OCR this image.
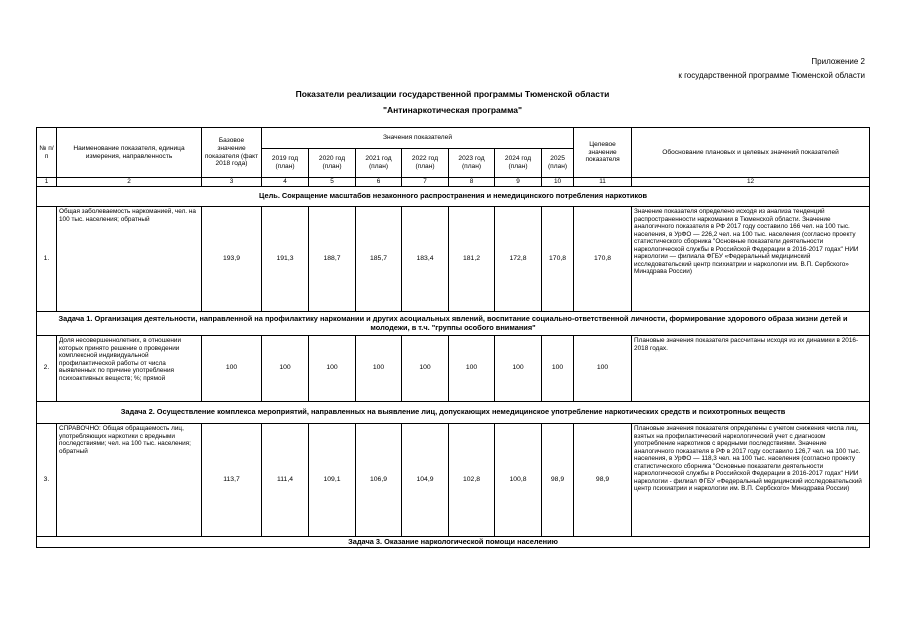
Приложение 2
к государственной программе Тюменской области
Показатели реализации государственной программы Тюменской области
"Антинаркотическая программа"
№ п/п	Наименование показателя, единица измерения, направленность	Базовое значение показателя (факт 2018 года)	Значения показателей							Целевое значение показателя	Обоснование плановых и целевых значений показателей
			2019 год (план)	2020 год (план)	2021 год (план)	2022 год (план)	2023 год (план)	2024 год (план)	2025 (план)		
1	2	3	4	5	6	7	8	9	10	11	12
Цель. Сокращение масштабов незаконного распространения и немедицинского потребления наркотиков											
1.	Общая заболеваемость наркоманией, чел. на 100 тыс. населения; обратный	193,9	191,3	188,7	185,7	183,4	181,2	172,8	170,8	170,8	Значение показателя определено исходя из анализа тенденций распространенности наркомании в Тюменской области. Значение аналогичного показателя в РФ 2017 году составило 166 чел. на 100 тыс. населения, в УрФО — 226,2 чел. на 100 тыс. населения (согласно проекту статистического сборника "Основные показатели деятельности наркологической службы в Российской Федерации в 2016-2017 годах" НИИ наркологии — филиала ФГБУ «Федеральный медицинский исследовательский центр психиатрии и наркологии им. В.П. Сербского» Минздрава России)
Задача 1. Организация деятельности, направленной на профилактику наркомании и других асоциальных явлений, воспитание социально-ответственной личности, формирование здорового образа жизни детей и молодежи, в т.ч. "группы особого внимания"											
2.	Доля несовершеннолетних, в отношении которых принято решение о проведении комплексной индивидуальной профилактической работы от числа выявленных по причине употребления психоактивных веществ; %; прямой	100	100	100	100	100	100	100	100	100	Плановые значения показателя рассчитаны исходя из их динамики в 2016-2018 годах.
Задача 2. Осуществление комплекса мероприятий, направленных на выявление лиц, допускающих немедицинское употребление наркотических средств и психотропных веществ											
3.	СПРАВОЧНО: Общая обращаемость лиц, употребляющих наркотики с вредными последствиями; чел. на 100 тыс. населения; обратный	113,7	111,4	109,1	106,9	104,9	102,8	100,8	98,9	98,9	Плановые значения показателя определены с учетом снижения числа лиц, взятых на профилактический наркологический учет с диагнозом употребление наркотиков с вредными последствиями. Значение аналогичного показателя в РФ в 2017 году составило 126,7 чел. на 100 тыс. населения, в УрФО — 118,3 чел. на 100 тыс. населения (согласно проекту статистического сборника "Основные показатели деятельности наркологической службы в Российской Федерации в 2016-2017 годах" НИИ наркологии - филиал ФГБУ «Федеральный медицинский исследовательский центр психиатрии и наркологии им. В.П. Сербского» Минздрава России)
Задача 3. Оказание наркологической помощи населению											
